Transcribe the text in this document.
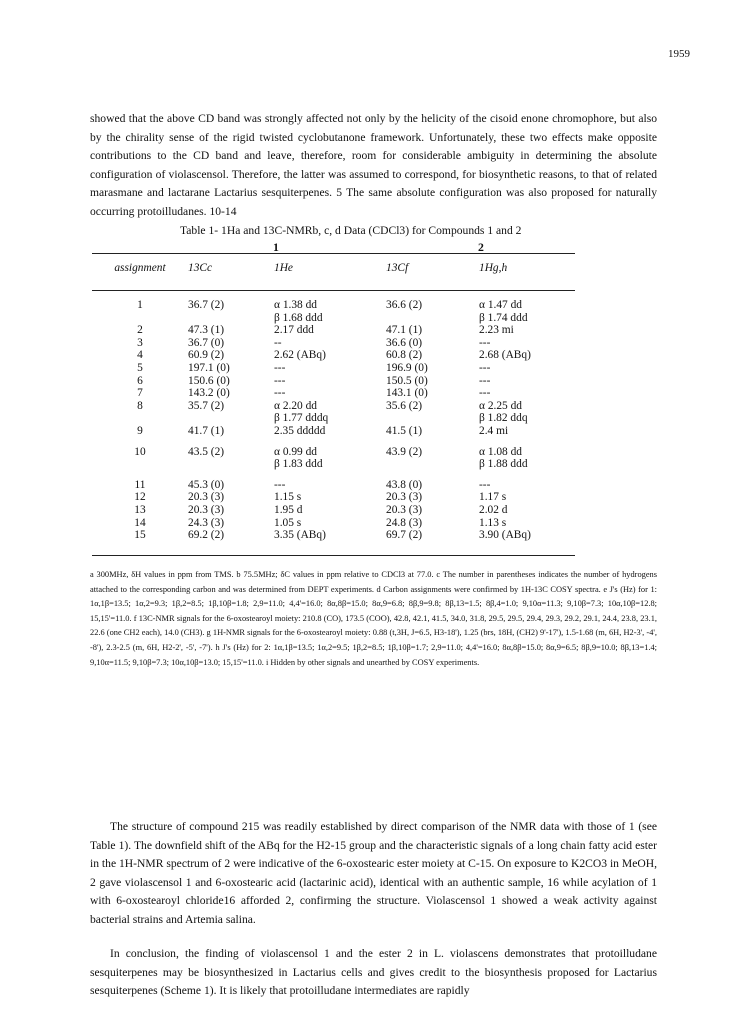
1959
showed that the above CD band was strongly affected not only by the helicity of the cisoid enone chromophore, but also by the chirality sense of the rigid twisted cyclobutanone framework. Unfortunately, these two effects make opposite contributions to the CD band and leave, therefore, room for considerable ambiguity in determining the absolute configuration of violascensol. Therefore, the latter was assumed to correspond, for biosynthetic reasons, to that of related marasmane and lactarane Lactarius sesquiterpenes. 5 The same absolute configuration was also proposed for naturally occurring protoilludanes. 10-14
Table 1- 1Ha and 13C-NMRb, c, d Data (CDCl3) for Compounds 1 and 2
1	2
assignment	13Cc	1He	13Cf	1Hg,h
1	36.7 (2)	α 1.38 dd	36.6 (2)	α 1.47 dd
		β 1.68 ddd		β 1.74 ddd
2	47.3 (1)	2.17 ddd	47.1 (1)	2.23 mi
3	36.7 (0)	--	36.6 (0)	---
4	60.9 (2)	2.62 (ABq)	60.8 (2)	2.68 (ABq)
5	197.1 (0)	---	196.9 (0)	---
6	150.6 (0)	---	150.5 (0)	---
7	143.2 (0)	---	143.1 (0)	---
8	35.7 (2)	α 2.20 dd	35.6 (2)	α 2.25 dd
		β 1.77 dddq		β 1.82 ddq
9	41.7 (1)	2.35 ddddd	41.5 (1)	2.4 mi
10	43.5 (2)	α 0.99 dd	43.9 (2)	α 1.08 dd
		β 1.83 ddd		β 1.88 ddd
11	45.3 (0)	---	43.8 (0)	---
12	20.3 (3)	1.15 s	20.3 (3)	1.17 s
13	20.3 (3)	1.95 d	20.3 (3)	2.02 d
14	24.3 (3)	1.05 s	24.8 (3)	1.13 s
15	69.2 (2)	3.35 (ABq)	69.7 (2)	3.90 (ABq)
a 300MHz, δH values in ppm from TMS. b 75.5MHz; δC values in ppm relative to CDCl3 at 77.0. c The number in parentheses indicates the number of hydrogens attached to the corresponding carbon and was determined from DEPT experiments. d Carbon assignments were confirmed by 1H-13C COSY spectra. e J's (Hz) for 1: 1α,1β=13.5; 1α,2=9.3; 1β,2=8.5; 1β,10β=1.8; 2,9=11.0; 4,4'=16.0; 8α,8β=15.0; 8α,9=6.8; 8β,9=9.8; 8β,13=1.5; 8β,4=1.0; 9,10α=11.3; 9,10β=7.3; 10α,10β=12.8; 15,15'=11.0. f 13C-NMR signals for the 6-oxostearoyl moiety: 210.8 (CO), 173.5 (COO), 42.8, 42.1, 41.5, 34.0, 31.8, 29.5, 29.5, 29.4, 29.3, 29.2, 29.1, 24.4, 23.8, 23.1, 22.6 (one CH2 each), 14.0 (CH3). g 1H-NMR signals for the 6-oxostearoyl moiety: 0.88 (t,3H, J=6.5, H3-18'), 1.25 (brs, 18H, (CH2) 9'-17'), 1.5-1.68 (m, 6H, H2-3', -4', -8'), 2.3-2.5 (m, 6H, H2-2', -5', -7'). h J's (Hz) for 2: 1α,1β=13.5; 1α,2=9.5; 1β,2=8.5; 1β,10β=1.7; 2,9=11.0; 4,4'=16.0; 8α,8β=15.0; 8α,9=6.5; 8β,9=10.0; 8β,13=1.4; 9,10α=11.5; 9,10β=7.3; 10α,10β=13.0; 15,15'=11.0. i Hidden by other signals and unearthed by COSY experiments.
The structure of compound 215 was readily established by direct comparison of the NMR data with those of 1 (see Table 1). The downfield shift of the ABq for the H2-15 group and the characteristic signals of a long chain fatty acid ester in the 1H-NMR spectrum of 2 were indicative of the 6-oxostearic ester moiety at C-15. On exposure to K2CO3 in MeOH, 2 gave violascensol 1 and 6-oxostearic acid (lactarinic acid), identical with an authentic sample, 16 while acylation of 1 with 6-oxostearoyl chloride16 afforded 2, confirming the structure. Violascensol 1 showed a weak activity against bacterial strains and Artemia salina.
In conclusion, the finding of violascensol 1 and the ester 2 in L. violascens demonstrates that protoilludane sesquiterpenes may be biosynthesized in Lactarius cells and gives credit to the biosynthesis proposed for Lactarius sesquiterpenes (Scheme 1). It is likely that protoilludane intermediates are rapidly
